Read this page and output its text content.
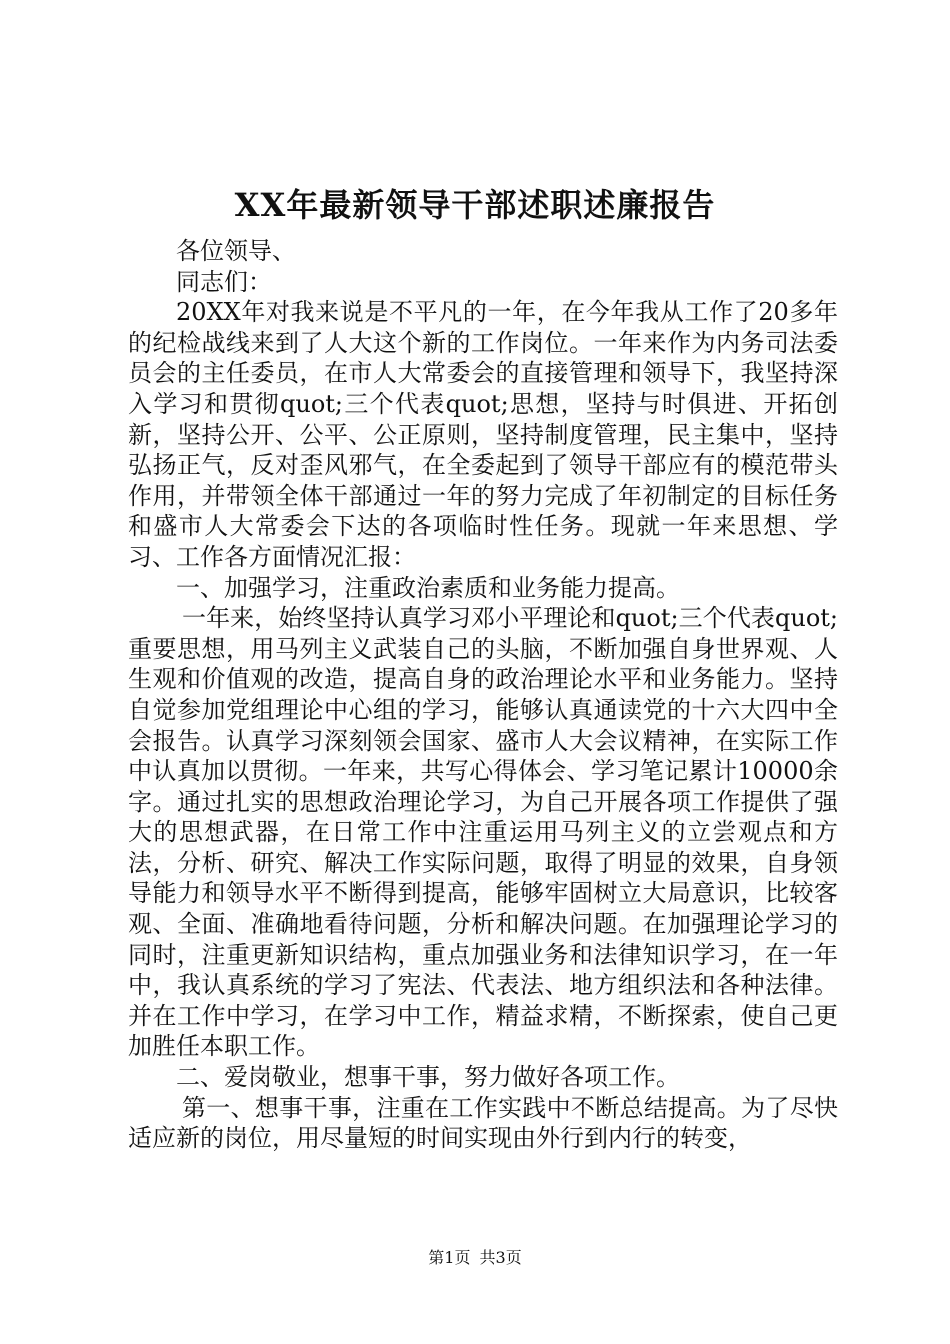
XX年最新领导干部述职述廉报告

各位领导、

同志们：

20XX年对我来说是不平凡的一年，在今年我从工作了20多年的纪检战线来到了人大这个新的工作岗位。一年来作为内务司法委员会的主任委员，在市人大常委会的直接管理和领导下，我坚持深入学习和贯彻quot;三个代表quot;思想，坚持与时俱进、开拓创新，坚持公开、公平、公正原则，坚持制度管理，民主集中，坚持弘扬正气，反对歪风邪气，在全委起到了领导干部应有的模范带头作用，并带领全体干部通过一年的努力完成了年初制定的目标任务和盛市人大常委会下达的各项临时性任务。现就一年来思想、学习、工作各方面情况汇报：

一、加强学习，注重政治素质和业务能力提高。

一年来，始终坚持认真学习邓小平理论和quot;三个代表quot;重要思想，用马列主义武装自己的头脑，不断加强自身世界观、人生观和价值观的改造，提高自身的政治理论水平和业务能力。坚持自觉参加党组理论中心组的学习，能够认真通读党的十六大四中全会报告。认真学习深刻领会国家、盛市人大会议精神，在实际工作中认真加以贯彻。一年来，共写心得体会、学习笔记累计10000余字。通过扎实的思想政治理论学习，为自己开展各项工作提供了强大的思想武器，在日常工作中注重运用马列主义的立尝观点和方法，分析、研究、解决工作实际问题，取得了明显的效果，自身领导能力和领导水平不断得到提高，能够牢固树立大局意识，比较客观、全面、准确地看待问题，分析和解决问题。在加强理论学习的同时，注重更新知识结构，重点加强业务和法律知识学习，在一年中，我认真系统的学习了宪法、代表法、地方组织法和各种法律。并在工作中学习，在学习中工作，精益求精，不断探索，使自己更加胜任本职工作。

二、爱岗敬业，想事干事，努力做好各项工作。

第一、想事干事，注重在工作实践中不断总结提高。为了尽快适应新的岗位，用尽量短的时间实现由外行到内行的转变，

第1页 共3页
